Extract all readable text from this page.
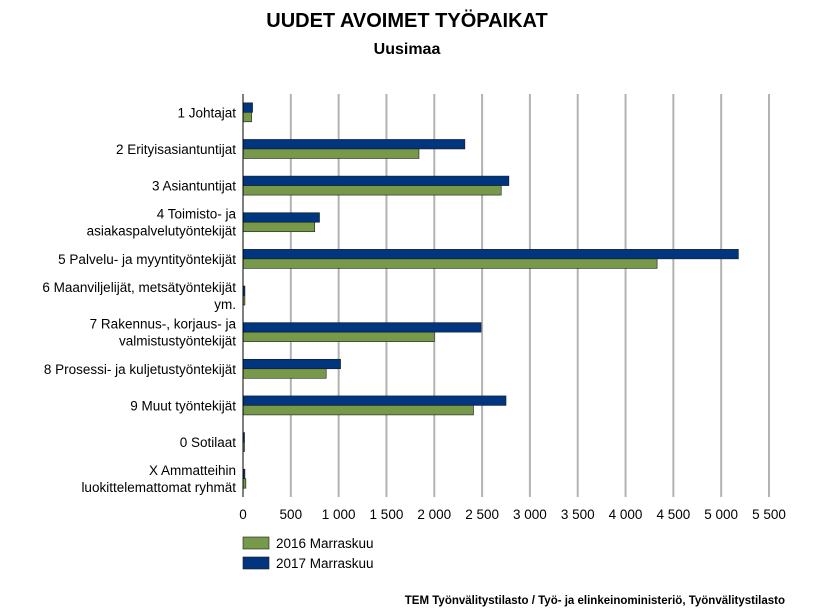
UUDET AVOIMET TYÖPAIKAT
Uusimaa
1 Johtajat
2 Erityisasiantuntijat
3 Asiantuntijat
4 Toimisto- ja asiakaspalvelutyöntekijät
5 Palvelu- ja myyntityöntekijät
6 Maanviljelijät, metsätyöntekijät ym.
7 Rakennus-, korjaus- ja valmistustyöntekijät
8 Prosessi- ja kuljetustyöntekijät
9 Muut työntekijät
0 Sotilaat
X Ammatteihin luokittelemattomat ryhmät
0 500 1 000 1 500 2 000 2 500 3 000 3 500 4 000 4 500 5 000 5 500
2016 Marraskuu
2017 Marraskuu
TEM Työnvälitystilasto / Työ- ja elinkeinoministeriö, Työnvälitystilasto
